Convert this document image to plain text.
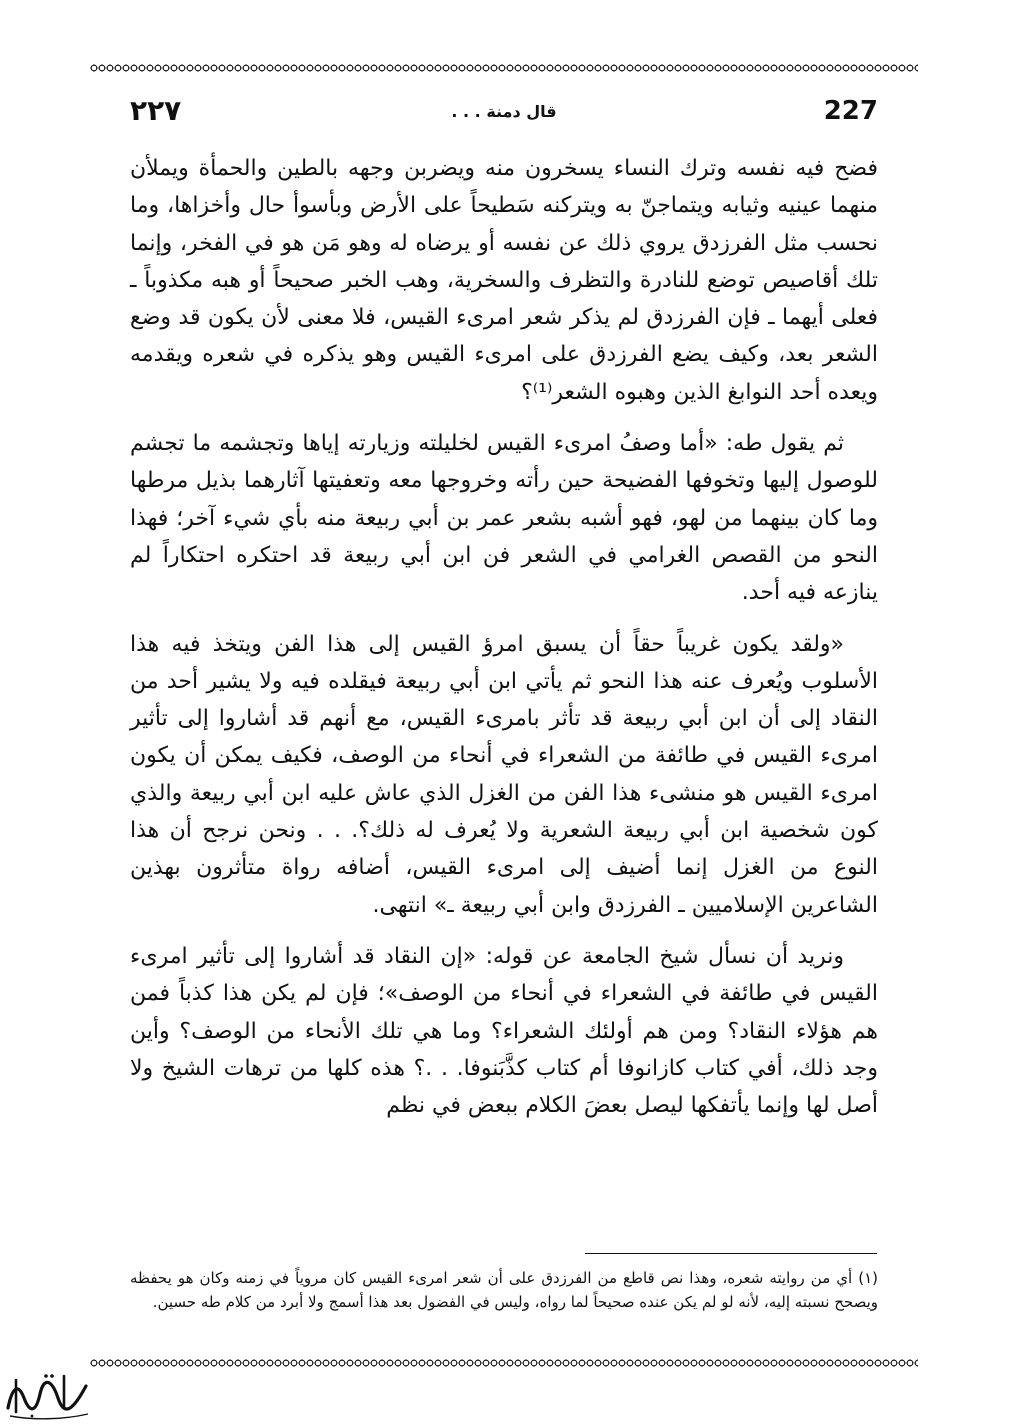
227
قال دمنة . . .
٢٢٧

فضح فيه نفسه وترك النساء يسخرون منه ويضربن وجهه بالطين والحمأة ويملأن منهما عينيه وثيابه ويتماجنّ به ويتركنه سَطيحاً على الأرض وبأسوأ حال وأخزاها، وما نحسب مثل الفرزدق يروي ذلك عن نفسه أو يرضاه له وهو مَن هو في الفخر، وإنما تلك أقاصيص توضع للنادرة والتظرف والسخرية، وهب الخبر صحيحاً أو هبه مكذوباً ـ فعلى أيهما ـ فإن الفرزدق لم يذكر شعر امرىء القيس، فلا معنى لأن يكون قد وضع الشعر بعد، وكيف يضع الفرزدق على امرىء القيس وهو يذكره في شعره ويقدمه ويعده أحد النوابغ الذين وهبوه الشعر⁽¹⁾؟

ثم يقول طه: «أما وصفُ امرىء القيس لخليلته وزيارته إياها وتجشمه ما تجشم للوصول إليها وتخوفها الفضيحة حين رأته وخروجها معه وتعفيتها آثارهما بذيل مرطها وما كان بينهما من لهو، فهو أشبه بشعر عمر بن أبي ربيعة منه بأي شيء آخر؛ فهذا النحو من القصص الغرامي في الشعر فن ابن أبي ربيعة قد احتكره احتكاراً لم ينازعه فيه أحد.

«ولقد يكون غريباً حقاً أن يسبق امرؤ القيس إلى هذا الفن ويتخذ فيه هذا الأسلوب ويُعرف عنه هذا النحو ثم يأتي ابن أبي ربيعة فيقلده فيه ولا يشير أحد من النقاد إلى أن ابن أبي ربيعة قد تأثر بامرىء القيس، مع أنهم قد أشاروا إلى تأثير امرىء القيس في طائفة من الشعراء في أنحاء من الوصف، فكيف يمكن أن يكون امرىء القيس هو منشىء هذا الفن من الغزل الذي عاش عليه ابن أبي ربيعة والذي كون شخصية ابن أبي ربيعة الشعرية ولا يُعرف له ذلك؟. . . ونحن نرجح أن هذا النوع من الغزل إنما أضيف إلى امرىء القيس، أضافه رواة متأثرون بهذين الشاعرين الإسلاميين ـ الفرزدق وابن أبي ربيعة ـ» انتهى.

ونريد أن نسأل شيخ الجامعة عن قوله: «إن النقاد قد أشاروا إلى تأثير امرىء القيس في طائفة في الشعراء في أنحاء من الوصف»؛ فإن لم يكن هذا كذباً فمن هم هؤلاء النقاد؟ ومن هم أولئك الشعراء؟ وما هي تلك الأنحاء من الوصف؟ وأين وجد ذلك، أفي كتاب كازانوفا أم كتاب كذَّبَنوفا. . .؟ هذه كلها من ترهات الشيخ ولا أصل لها وإنما يأتفكها ليصل بعضَ الكلام ببعض في نظم

(١) أي من روايته شعره، وهذا نص قاطع من الفرزدق على أن شعر امرىء القيس كان مروياً في زمنه وكان هو يحفظه ويصحح نسبته إليه، لأنه لو لم يكن عنده صحيحاً لما رواه، وليس في الفضول بعد هذا أسمج ولا أبرد من كلام طه حسين.
